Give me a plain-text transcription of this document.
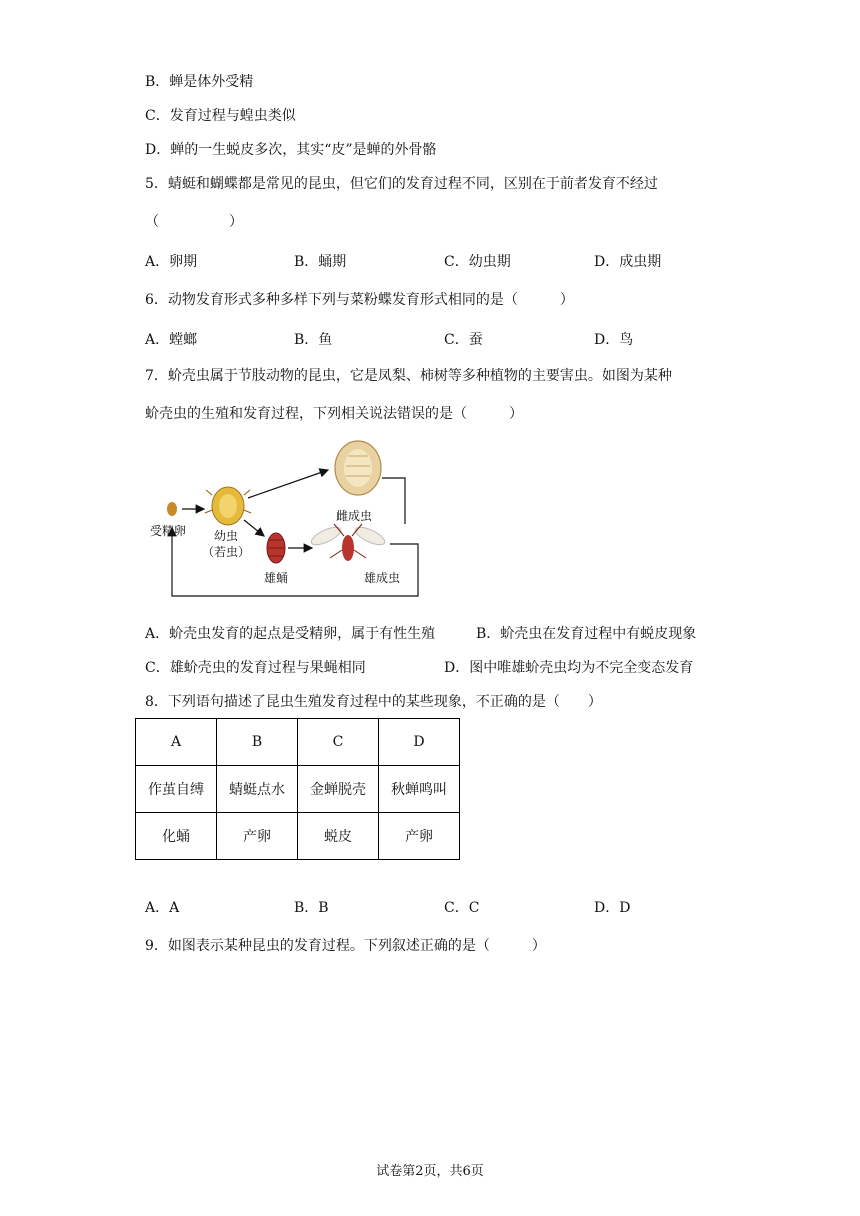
B．蝉是体外受精
C．发育过程与蝗虫类似
D．蝉的一生蜕皮多次，其实“皮”是蝉的外骨骼
5．蜻蜓和蝴蝶都是常见的昆虫，但它们的发育过程不同，区别在于前者发育不经过
（　　　　　）
A．卵期	B．蛹期	C．幼虫期	D．成虫期
6．动物发育形式多种多样下列与菜粉蝶发育形式相同的是（　　　）
A．螳螂	B．鱼	C．蚕	D．鸟
7．蚧壳虫属于节肢动物的昆虫，它是凤梨、柿树等多种植物的主要害虫。如图为某种
蚧壳虫的生殖和发育过程，下列相关说法错误的是（　　　）
受精卵 幼虫
（若虫）
雌成虫
雄蛹	雄成虫
A．蚧壳虫发育的起点是受精卵，属于有性生殖	B．蚧壳虫在发育过程中有蜕皮现象
C．雄蚧壳虫的发育过程与果蝇相同	D．图中唯雄蚧壳虫均为不完全变态发育
8．下列语句描述了昆虫生殖发育过程中的某些现象，不正确的是（　　）
A	B	C	D
作茧自缚	蜻蜓点水	金蝉脱壳	秋蝉鸣叫
化蛹	产卵	蜕皮	产卵
A．A	B．B	C．C	D．D
9．如图表示某种昆虫的发育过程。下列叙述正确的是（　　　）
试卷第2页，共6页
